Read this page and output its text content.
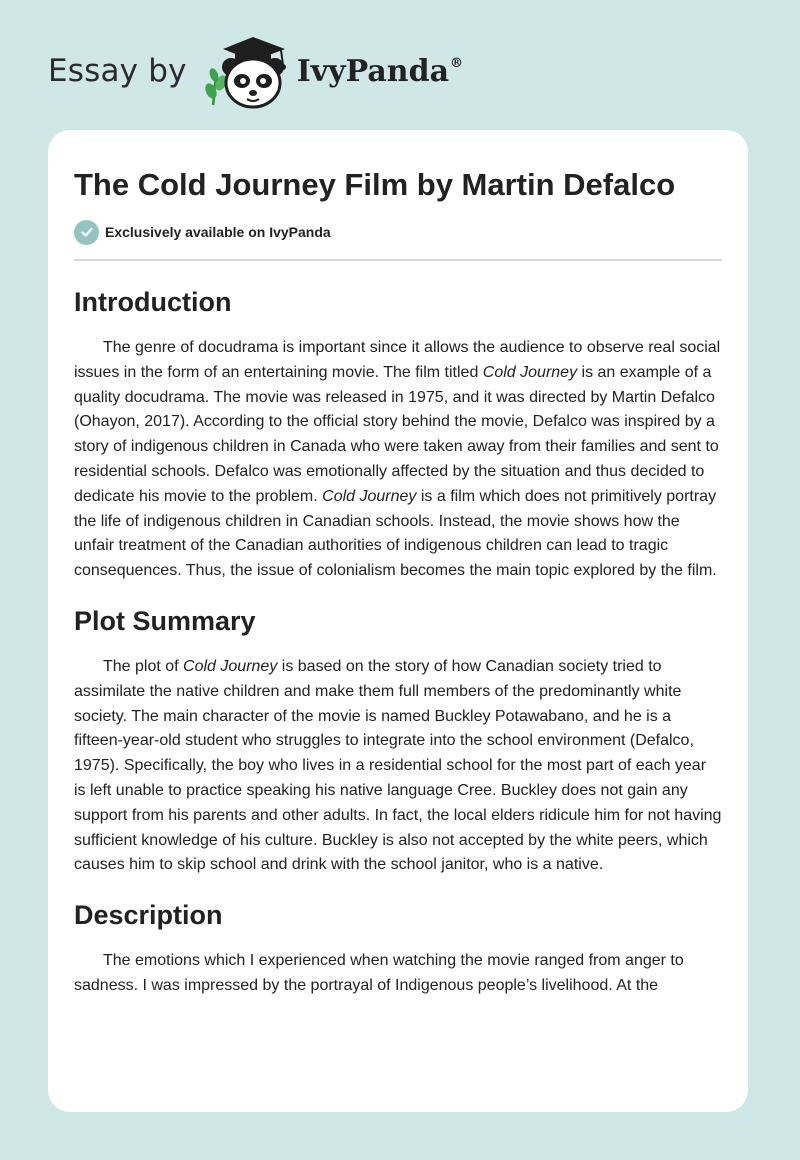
Essay by	IvyPanda®
The Cold Journey Film by Martin Defalco
Exclusively available on IvyPanda
Introduction

The genre of docudrama is important since it allows the audience to observe real social issues in the form of an entertaining movie. The film titled Cold Journey is an example of a quality docudrama. The movie was released in 1975, and it was directed by Martin Defalco (Ohayon, 2017). According to the official story behind the movie, Defalco was inspired by a story of indigenous children in Canada who were taken away from their families and sent to residential schools. Defalco was emotionally affected by the situation and thus decided to dedicate his movie to the problem. Cold Journey is a film which does not primitively portray the life of indigenous children in Canadian schools. Instead, the movie shows how the unfair treatment of the Canadian authorities of indigenous children can lead to tragic consequences. Thus, the issue of colonialism becomes the main topic explored by the film.

Plot Summary

The plot of Cold Journey is based on the story of how Canadian society tried to assimilate the native children and make them full members of the predominantly white society. The main character of the movie is named Buckley Potawabano, and he is a fifteen-year-old student who struggles to integrate into the school environment (Defalco, 1975). Specifically, the boy who lives in a residential school for the most part of each year is left unable to practice speaking his native language Cree. Buckley does not gain any support from his parents and other adults. In fact, the local elders ridicule him for not having sufficient knowledge of his culture. Buckley is also not accepted by the white peers, which causes him to skip school and drink with the school janitor, who is a native.

Description

The emotions which I experienced when watching the movie ranged from anger to sadness. I was impressed by the portrayal of Indigenous people’s livelihood. At the
